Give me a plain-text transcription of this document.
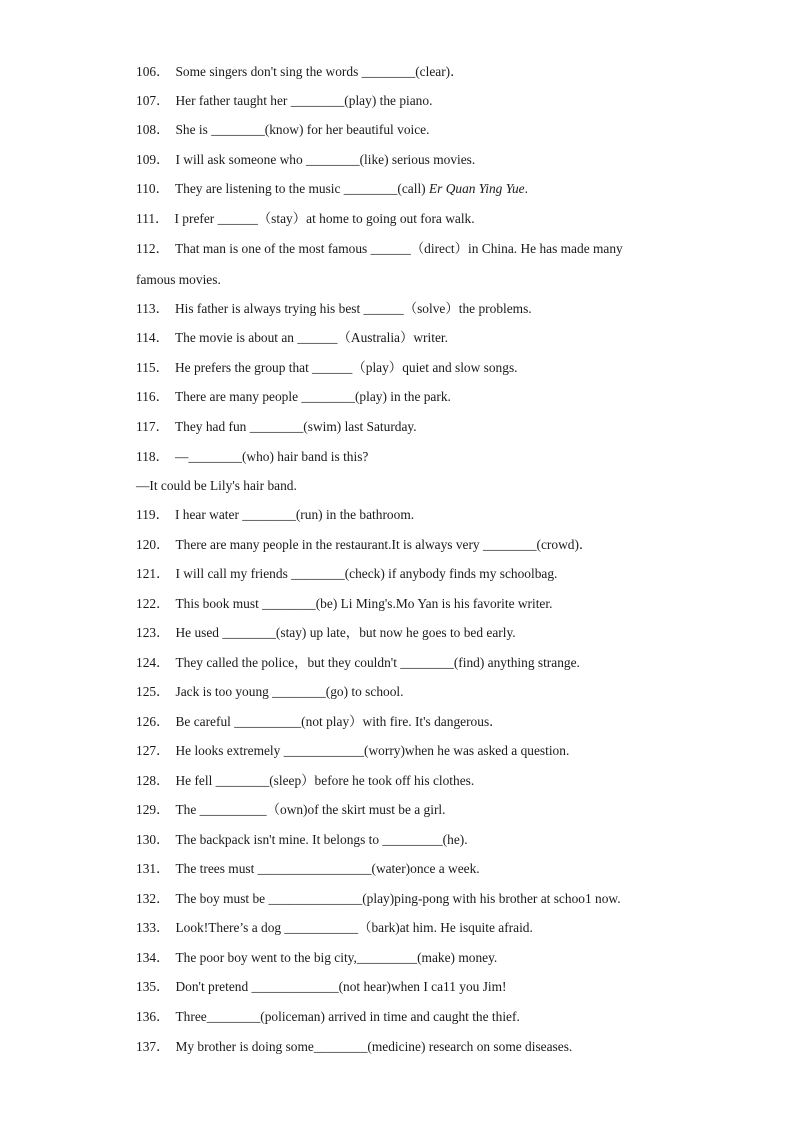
106． Some singers don't sing the words ________(clear)．
107． Her father taught her ________(play) the piano.
108． She is ________(know) for her beautiful voice.
109． I will ask someone who ________(like) serious movies.
110． They are listening to the music ________(call) Er Quan Ying Yue.
111． I prefer ______（stay）at home to going out fora walk.
112． That man is one of the most famous ______（direct）in China. He has made many
famous movies.
113． His father is always trying his best ______（solve）the problems.
114． The movie is about an ______（Australia）writer.
115． He prefers the group that ______（play）quiet and slow songs.
116． There are many people ________(play) in the park.
117． They had fun ________(swim) last Saturday.
118． —________(who) hair band is this?
—It could be Lily's hair band.
119． I hear water ________(run) in the bathroom.
120． There are many people in the restaurant.It is always very ________(crowd)．
121． I will call my friends ________(check) if anybody finds my schoolbag.
122． This book must ________(be) Li Ming's.Mo Yan is his favorite writer.
123． He used ________(stay) up late，but now he goes to bed early.
124． They called the police，but they couldn't ________(find) anything strange.
125． Jack is too young ________(go) to school.
126． Be careful __________(not play）with fire. It's dangerous．
127． He looks extremely ____________(worry)when he was asked a question.
128． He fell ________(sleep）before he took off his clothes.
129． The __________（own)of the skirt must be a girl.
130． The backpack isn't mine. It belongs to _________(he).
131． The trees must _________________(water)once a week.
132． The boy must be ______________(play)ping-pong with his brother at schoo1 now.
133． Look!There’s a dog ___________（bark)at him. He isquite afraid.
134． The poor boy went to the big city,_________(make) money.
135． Don't pretend _____________(not hear)when I ca11 you Jim!
136． Three________(policeman) arrived in time and caught the thief.
137． My brother is doing some________(medicine) research on some diseases.
